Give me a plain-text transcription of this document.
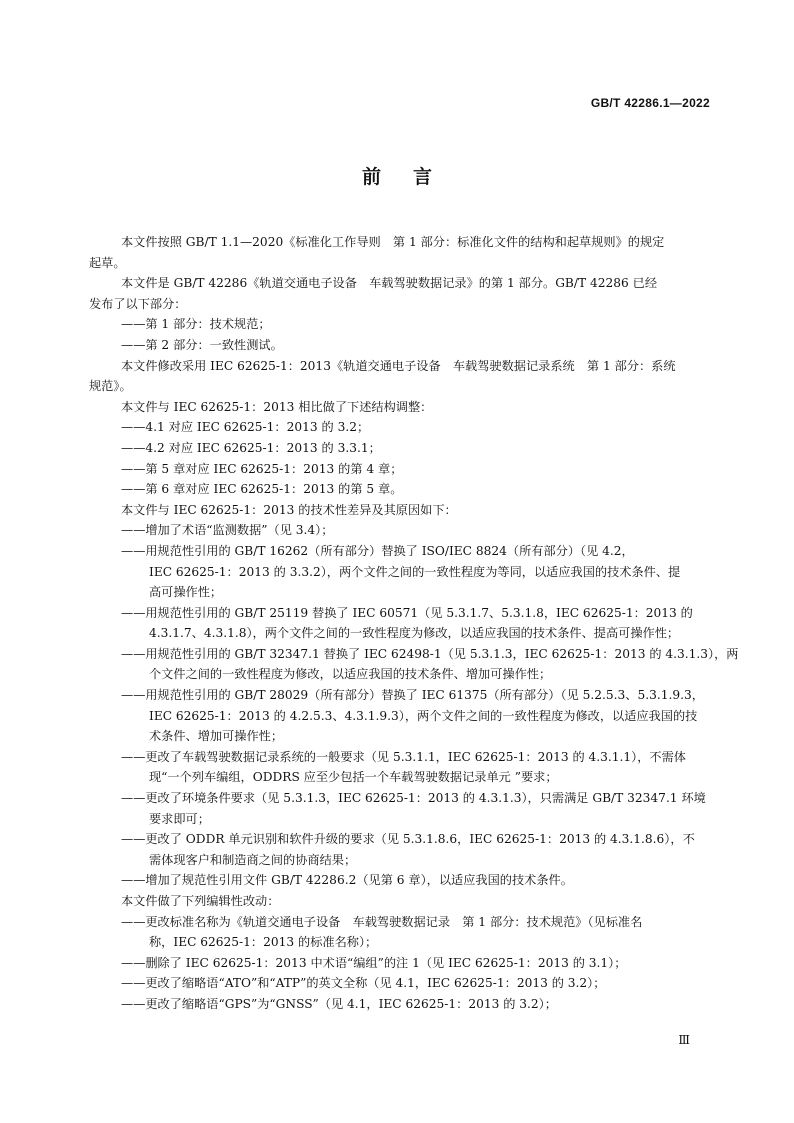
GB/T 42286.1—2022
前言
本文件按照 GB/T 1.1—2020《标准化工作导则　第 1 部分：标准化文件的结构和起草规则》的规定
起草。
本文件是 GB/T 42286《轨道交通电子设备　车载驾驶数据记录》的第 1 部分。GB/T 42286 已经
发布了以下部分：
——第 1 部分：技术规范；
——第 2 部分：一致性测试。
本文件修改采用 IEC 62625-1：2013《轨道交通电子设备　车载驾驶数据记录系统　第 1 部分：系统
规范》。
本文件与 IEC 62625-1：2013 相比做了下述结构调整：
——4.1 对应 IEC 62625-1：2013 的 3.2；
——4.2 对应 IEC 62625-1：2013 的 3.3.1；
——第 5 章对应 IEC 62625-1：2013 的第 4 章；
——第 6 章对应 IEC 62625-1：2013 的第 5 章。
本文件与 IEC 62625-1：2013 的技术性差异及其原因如下：
——增加了术语“监测数据”（见 3.4）；
——用规范性引用的 GB/T 16262（所有部分）替换了 ISO/IEC 8824（所有部分）（见 4.2，
IEC 62625-1：2013 的 3.3.2），两个文件之间的一致性程度为等同，以适应我国的技术条件、提
高可操作性；
——用规范性引用的 GB/T 25119 替换了 IEC 60571（见 5.3.1.7、5.3.1.8，IEC 62625-1：2013 的
4.3.1.7、4.3.1.8），两个文件之间的一致性程度为修改，以适应我国的技术条件、提高可操作性；
——用规范性引用的 GB/T 32347.1 替换了 IEC 62498-1（见 5.3.1.3，IEC 62625-1：2013 的 4.3.1.3），两
个文件之间的一致性程度为修改，以适应我国的技术条件、增加可操作性；
——用规范性引用的 GB/T 28029（所有部分）替换了 IEC 61375（所有部分）（见 5.2.5.3、5.3.1.9.3，
IEC 62625-1：2013 的 4.2.5.3、4.3.1.9.3），两个文件之间的一致性程度为修改，以适应我国的技
术条件、增加可操作性；
——更改了车载驾驶数据记录系统的一般要求（见 5.3.1.1，IEC 62625-1：2013 的 4.3.1.1），不需体
现“一个列车编组，ODDRS 应至少包括一个车载驾驶数据记录单元 ”要求；
——更改了环境条件要求（见 5.3.1.3，IEC 62625-1：2013 的 4.3.1.3），只需满足 GB/T 32347.1 环境
要求即可；
——更改了 ODDR 单元识别和软件升级的要求（见 5.3.1.8.6，IEC 62625-1：2013 的 4.3.1.8.6），不
需体现客户和制造商之间的协商结果；
——增加了规范性引用文件 GB/T 42286.2（见第 6 章），以适应我国的技术条件。
本文件做了下列编辑性改动：
——更改标准名称为《轨道交通电子设备　车载驾驶数据记录　第 1 部分：技术规范》（见标准名
称，IEC 62625-1：2013 的标准名称）；
——删除了 IEC 62625-1：2013 中术语“编组”的注 1（见 IEC 62625-1：2013 的 3.1）；
——更改了缩略语“ATO”和“ATP”的英文全称（见 4.1，IEC 62625-1：2013 的 3.2）；
——更改了缩略语“GPS”为“GNSS”（见 4.1，IEC 62625-1：2013 的 3.2）；
Ⅲ
